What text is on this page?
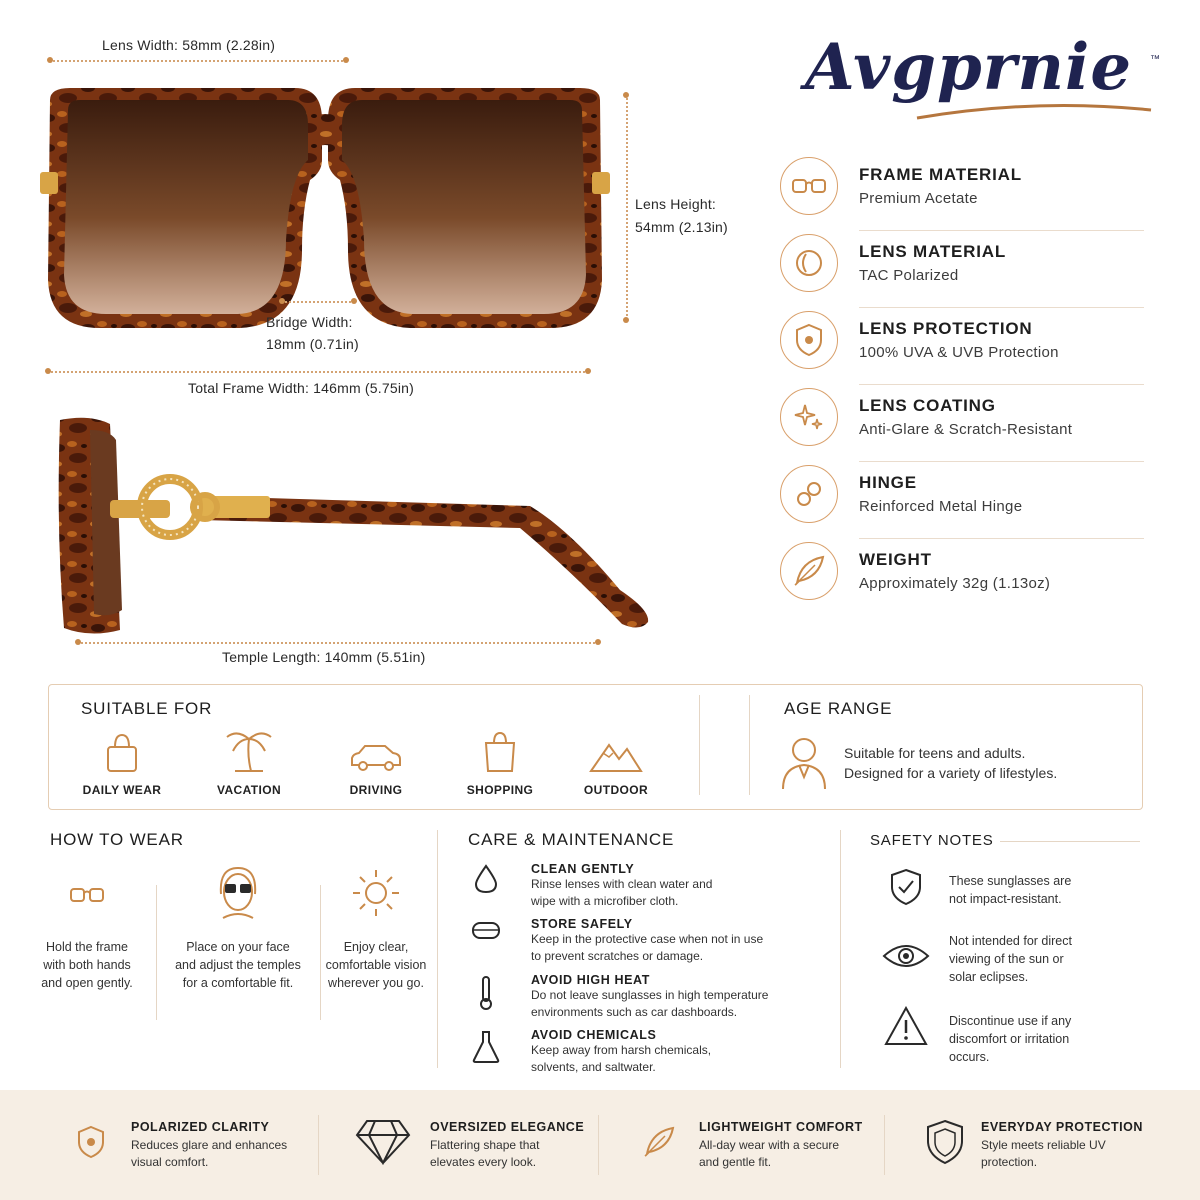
Lens Width: 58mm (2.28in)
Lens Height:
54mm (2.13in)
Bridge Width:
18mm (0.71in)
Total Frame Width: 146mm (5.75in)
Temple Length: 140mm (5.51in)
Avgprnie ™
SUITABLE FOR	AGE RANGE
Suitable for teens and adults.
Designed for a variety of lifestyles.
DAILY WEAR	VACATION	DRIVING	SHOPPING	OUTDOOR
HOW TO WEAR	CARE & MAINTENANCE	SAFETY NOTES
FRAME MATERIAL
Premium Acetate
LENS MATERIAL
TAC Polarized
LENS PROTECTION
100% UVA & UVB Protection
LENS COATING
Anti-Glare & Scratch-Resistant
HINGE
Reinforced Metal Hinge
WEIGHT
Approximately 32g (1.13oz)
Hold the frame
with both hands
and open gently.
Place on your face
and adjust the temples
for a comfortable fit.
Enjoy clear,
comfortable vision
wherever you go.
CLEAN GENTLY
Rinse lenses with clean water and
wipe with a microfiber cloth.
STORE SAFELY
Keep in the protective case when not in use
to prevent scratches or damage.
AVOID HIGH HEAT
Do not leave sunglasses in high temperature
environments such as car dashboards.
AVOID CHEMICALS
Keep away from harsh chemicals,
solvents, and saltwater.
These sunglasses are
not impact-resistant.
Not intended for direct
viewing of the sun or
solar eclipses.
Discontinue use if any
discomfort or irritation
occurs.
POLARIZED CLARITY
Reduces glare and enhances
visual comfort.
OVERSIZED ELEGANCE
Flattering shape that
elevates every look.
LIGHTWEIGHT COMFORT
All-day wear with a secure
and gentle fit.
EVERYDAY PROTECTION
Style meets reliable UV
protection.
